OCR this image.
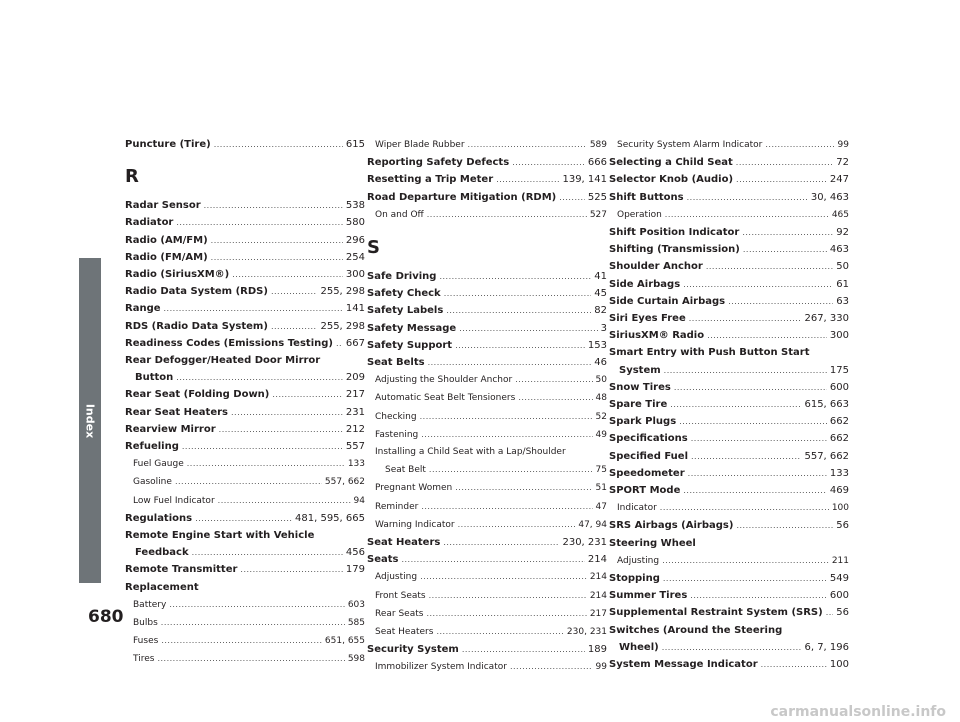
Index
680
Puncture (Tire) .....	615
R
Radar Sensor .....	538
Radiator .....	580
Radio (AM/FM) .....	296
Radio (FM/AM) .....	254
Radio (SiriusXM®) .....	300
Radio Data System (RDS) .....	255, 298
Range .....	141
RDS (Radio Data System) .....	255, 298
Readiness Codes (Emissions Testing) ..... 667
Rear Defogger/Heated Door Mirror
Button .....	209
Rear Seat (Folding Down) .....	217
Rear Seat Heaters .....	231
Rearview Mirror .....	212
Refueling .....	557
Fuel Gauge .....	133
Gasoline .....	557, 662
Low Fuel Indicator .....	94
Regulations .....	481, 595, 665
Remote Engine Start with Vehicle
Feedback .....	456
Remote Transmitter .....	179
Replacement
Battery .....	603
Bulbs .....	585
Fuses .....	651, 655
Tires .....	598
Wiper Blade Rubber .....	589
Reporting Safety Defects .....	666
Resetting a Trip Meter .....	139, 141
Road Departure Mitigation (RDM) .....	525
On and Off .....	527
S
Safe Driving .....	41
Safety Check .....	45
Safety Labels .....	82
Safety Message .....	3
Safety Support .....	153
Seat Belts .....	46
Adjusting the Shoulder Anchor .....	50
Automatic Seat Belt Tensioners .....	48
Checking .....	52
Fastening .....	49
Installing a Child Seat with a Lap/Shoulder
Seat Belt .....	75
Pregnant Women .....	51
Reminder .....	47
Warning Indicator .....	47, 94
Seat Heaters .....	230, 231
Seats .....	214
Adjusting .....	214
Front Seats .....	214
Rear Seats .....	217
Seat Heaters .....	230, 231
Security System .....	189
Immobilizer System Indicator .....	99
Security System Alarm Indicator .....	99
Selecting a Child Seat .....	72
Selector Knob (Audio) .....	247
Shift Buttons .....	30, 463
Operation .....	465
Shift Position Indicator .....	92
Shifting (Transmission) .....	463
Shoulder Anchor .....	50
Side Airbags .....	61
Side Curtain Airbags .....	63
Siri Eyes Free .....	267, 330
SiriusXM® Radio .....	300
Smart Entry with Push Button Start
System .....	175
Snow Tires .....	600
Spare Tire .....	615, 663
Spark Plugs .....	662
Specifications .....	662
Specified Fuel .....	557, 662
Speedometer .....	133
SPORT Mode .....	469
Indicator .....	100
SRS Airbags (Airbags) .....	56
Steering Wheel
Adjusting .....	211
Stopping .....	549
Summer Tires .....	600
Supplemental Restraint System (SRS) ..... 56
Switches (Around the Steering
Wheel) .....	6, 7, 196
System Message Indicator .....	100
carmanualsonline.info
